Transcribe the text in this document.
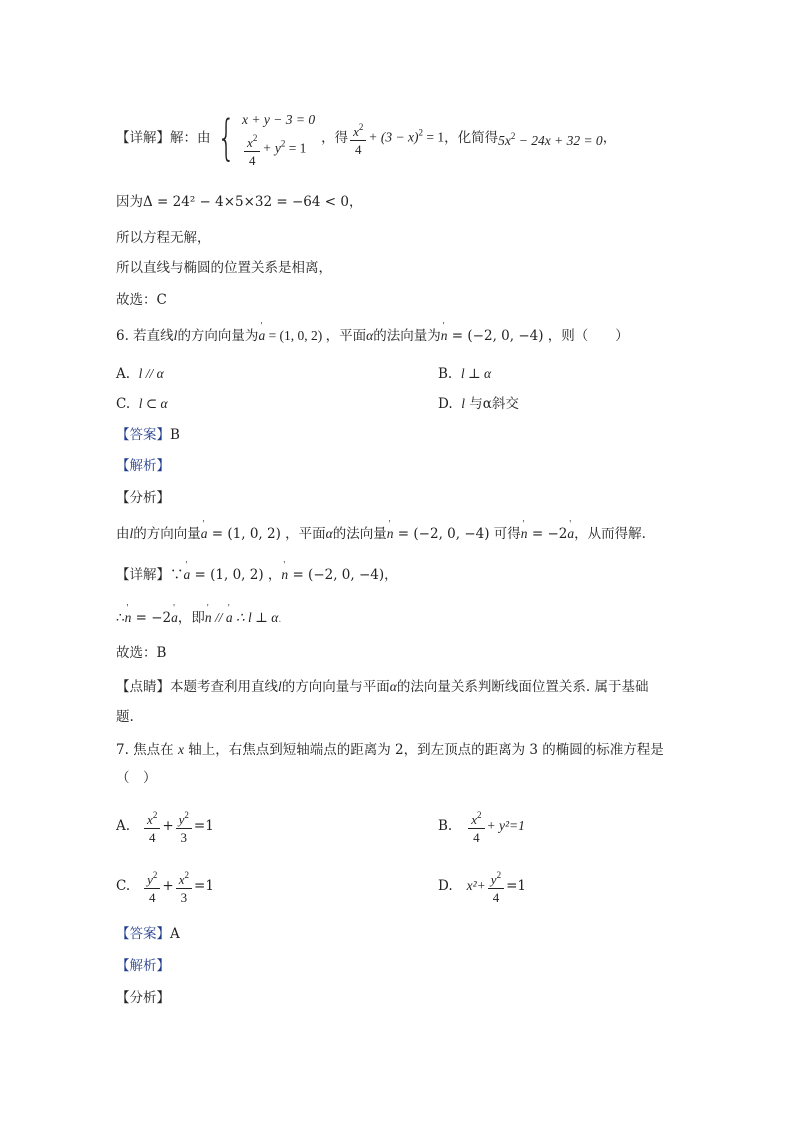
【详解】 解：由 { x + y − 3 = 0
$\frac{x^2}{4} + y^2 = 1$
，得 $\frac{x^2}{4} + (3 - x)^2 = 1$ ，化简得 $5x^2 - 24x + 32 = 0$ ，
因为Δ = 24² − 4×5×32 = −64 < 0，
所以方程无解，
所以直线与椭圆的位置关系是相离，
故选：C
6. 若直线l的方向向量为' a = (1, 0, 2) ，平面α的法向量为' n = (−2, 0, −4) ，则（　　）
A. l // α	B. l ⊥ α
C. l ⊂ α	D. l 与α斜交
【答案】B
【解析】
【分析】
由l的方向向量' a = (1, 0, 2) ，平面α的法向量' n = (−2, 0, −4) 可得' n = −2' a，从而得解.
【详解】∵' a = (1, 0, 2) ，' n = (−2, 0, −4)，
∴' n = −2' a，即' n // ' a ∴ l ⊥ α.
故选：B
【点睛】本题考查利用直线l的方向向量与平面α的法向量关系判断线面位置关系. 属于基础
题.
7. 焦点在 x 轴上，右焦点到短轴端点的距离为 2，到左顶点的距离为 3 的椭圆的标准方程是
（　）
A. $\frac{x^2}{4} + \frac{y^2}{3} =1$	B. $\frac{x^2}{4} + y^2=1$
C. $\frac{y^2}{4} + \frac{x^2}{3} =1$	D. $x^2+ \frac{y^2}{4} =1$
【答案】A
【解析】
【分析】
